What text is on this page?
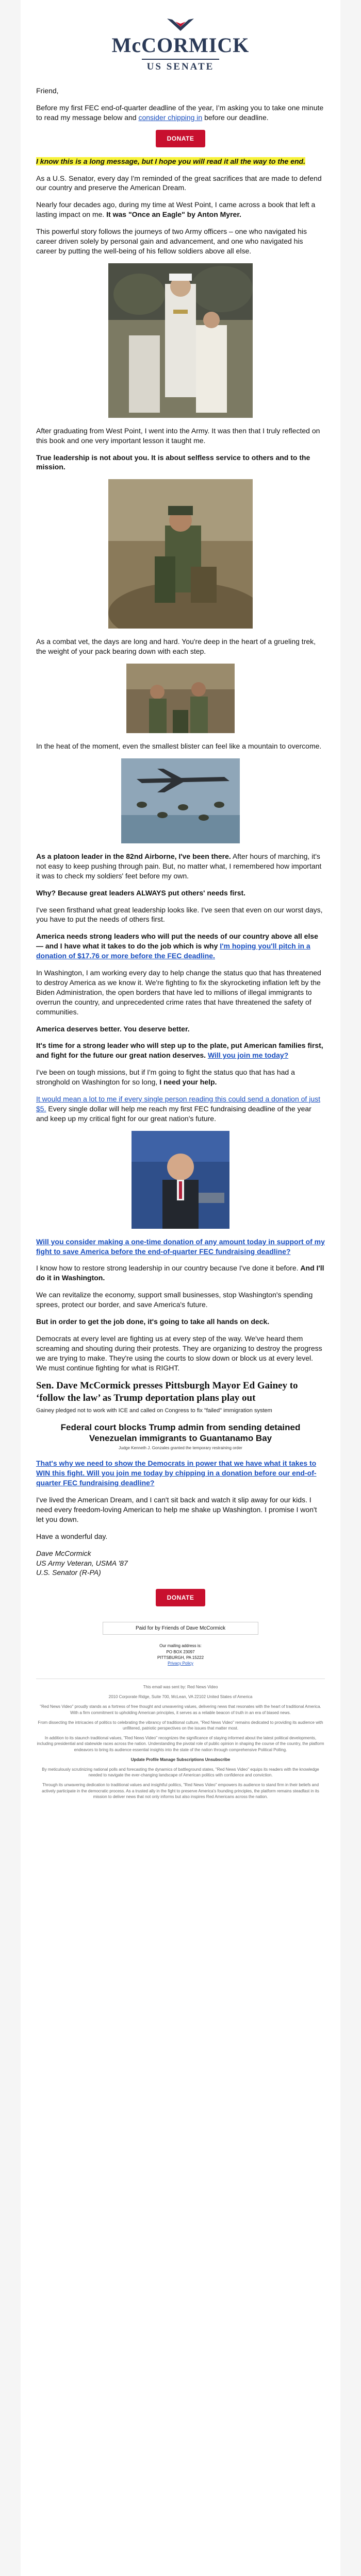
McCORMICK
US SENATE

Friend,

Before my first FEC end-of-quarter deadline of the year, I’m asking you to take one minute to read my message below and consider chipping in before our deadline.

DONATE

I know this is a long message, but I hope you will read it all the way to the end.

As a U.S. Senator, every day I'm reminded of the great sacrifices that are made to defend our country and preserve the American Dream.

Nearly four decades ago, during my time at West Point, I came across a book that left a lasting impact on me. It was "Once an Eagle" by Anton Myrer.

This powerful story follows the journeys of two Army officers – one who navigated his career driven solely by personal gain and advancement, and one who navigated his career by putting the well-being of his fellow soldiers above all else.

After graduating from West Point, I went into the Army. It was then that I truly reflected on this book and one very important lesson it taught me.

True leadership is not about you. It is about selfless service to others and to the mission.

As a combat vet, the days are long and hard. You're deep in the heart of a grueling trek, the weight of your pack bearing down with each step.

In the heat of the moment, even the smallest blister can feel like a mountain to overcome.

As a platoon leader in the 82nd Airborne, I've been there. After hours of marching, it's not easy to keep pushing through pain. But, no matter what, I remembered how important it was to check my soldiers' feet before my own.

Why? Because great leaders ALWAYS put others' needs first.

I've seen firsthand what great leadership looks like. I've seen that even on our worst days, you have to put the needs of others first.

America needs strong leaders who will put the needs of our country above all else — and I have what it takes to do the job which is why I'm hoping you'll pitch in a donation of $17.76 or more before the FEC deadline.

In Washington, I am working every day to help change the status quo that has threatened to destroy America as we know it. We're fighting to fix the skyrocketing inflation left by the Biden Administration, the open borders that have led to millions of illegal immigrants to overrun the country, and unprecedented crime rates that have threatened the safety of communities.

America deserves better. You deserve better.

It's time for a strong leader who will step up to the plate, put American families first, and fight for the future our great nation deserves. Will you join me today?

I've been on tough missions, but if I'm going to fight the status quo that has had a stronghold on Washington for so long, I need your help.

It would mean a lot to me if every single person reading this could send a donation of just $5. Every single dollar will help me reach my first FEC fundraising deadline of the year and keep up my critical fight for our great nation's future.

Will you consider making a one-time donation of any amount today in support of my fight to save America before the end-of-quarter FEC fundraising deadline?

I know how to restore strong leadership in our country because I've done it before. And I'll do it in Washington.

We can revitalize the economy, support small businesses, stop Washington's spending sprees, protect our border, and save America's future.

But in order to get the job done, it's going to take all hands on deck.

Democrats at every level are fighting us at every step of the way. We've heard them screaming and shouting during their protests. They are organizing to destroy the progress we are trying to make. They're using the courts to slow down or block us at every level. We must continue fighting for what is RIGHT.

Sen. Dave McCormick presses Pittsburgh Mayor Ed Gainey to ‘follow the law’ as Trump deportation plans play out
Gainey pledged not to work with ICE and called on Congress to fix "failed" immigration system
Federal court blocks Trump admin from sending detained Venezuelan immigrants to Guantanamo Bay
Judge Kenneth J. Gonzales granted the temporary restraining order

That's why we need to show the Democrats in power that we have what it takes to WIN this fight. Will you join me today by chipping in a donation before our end-of-quarter FEC fundraising deadline?

I've lived the American Dream, and I can't sit back and watch it slip away for our kids. I need every freedom-loving American to help me shake up Washington. I promise I won't let you down.

Have a wonderful day.

Dave McCormick

US Army Veteran, USMA '87

U.S. Senator (R-PA)

DONATE
Paid for by Friends of Dave McCormick
Our mailing address is:
PO BOX 23097
PITTSBURGH, PA 15222
Privacy Policy

This email was sent by: Red News Video

2010 Corporate Ridge, Suite 700, McLean, VA 22102 United States of America

"Red News Video" proudly stands as a fortress of free thought and unwavering values, delivering news that resonates with the heart of traditional America. With a firm commitment to upholding American principles, it serves as a reliable beacon of truth in an era of biased news.

From dissecting the intricacies of politics to celebrating the vibrancy of traditional culture, "Red News Video" remains dedicated to providing its audience with unfiltered, patriotic perspectives on the issues that matter most.

In addition to its staunch traditional values, "Red News Video" recognizes the significance of staying informed about the latest political developments, including presidential and statewide races across the nation. Understanding the pivotal role of public opinion in shaping the course of the country, the platform endeavors to bring its audience essential insights into the state of the nation through comprehensive Political Polling.

Update Profile Manage Subscriptions Unsubscribe

By meticulously scrutinizing national polls and forecasting the dynamics of battleground states, "Red News Video" equips its readers with the knowledge needed to navigate the ever-changing landscape of American politics with confidence and conviction.

Through its unwavering dedication to traditional values and insightful politics, "Red News Video" empowers its audience to stand firm in their beliefs and actively participate in the democratic process. As a trusted ally in the fight to preserve America's founding principles, the platform remains steadfast in its mission to deliver news that not only informs but also inspires Red Americans across the nation.
